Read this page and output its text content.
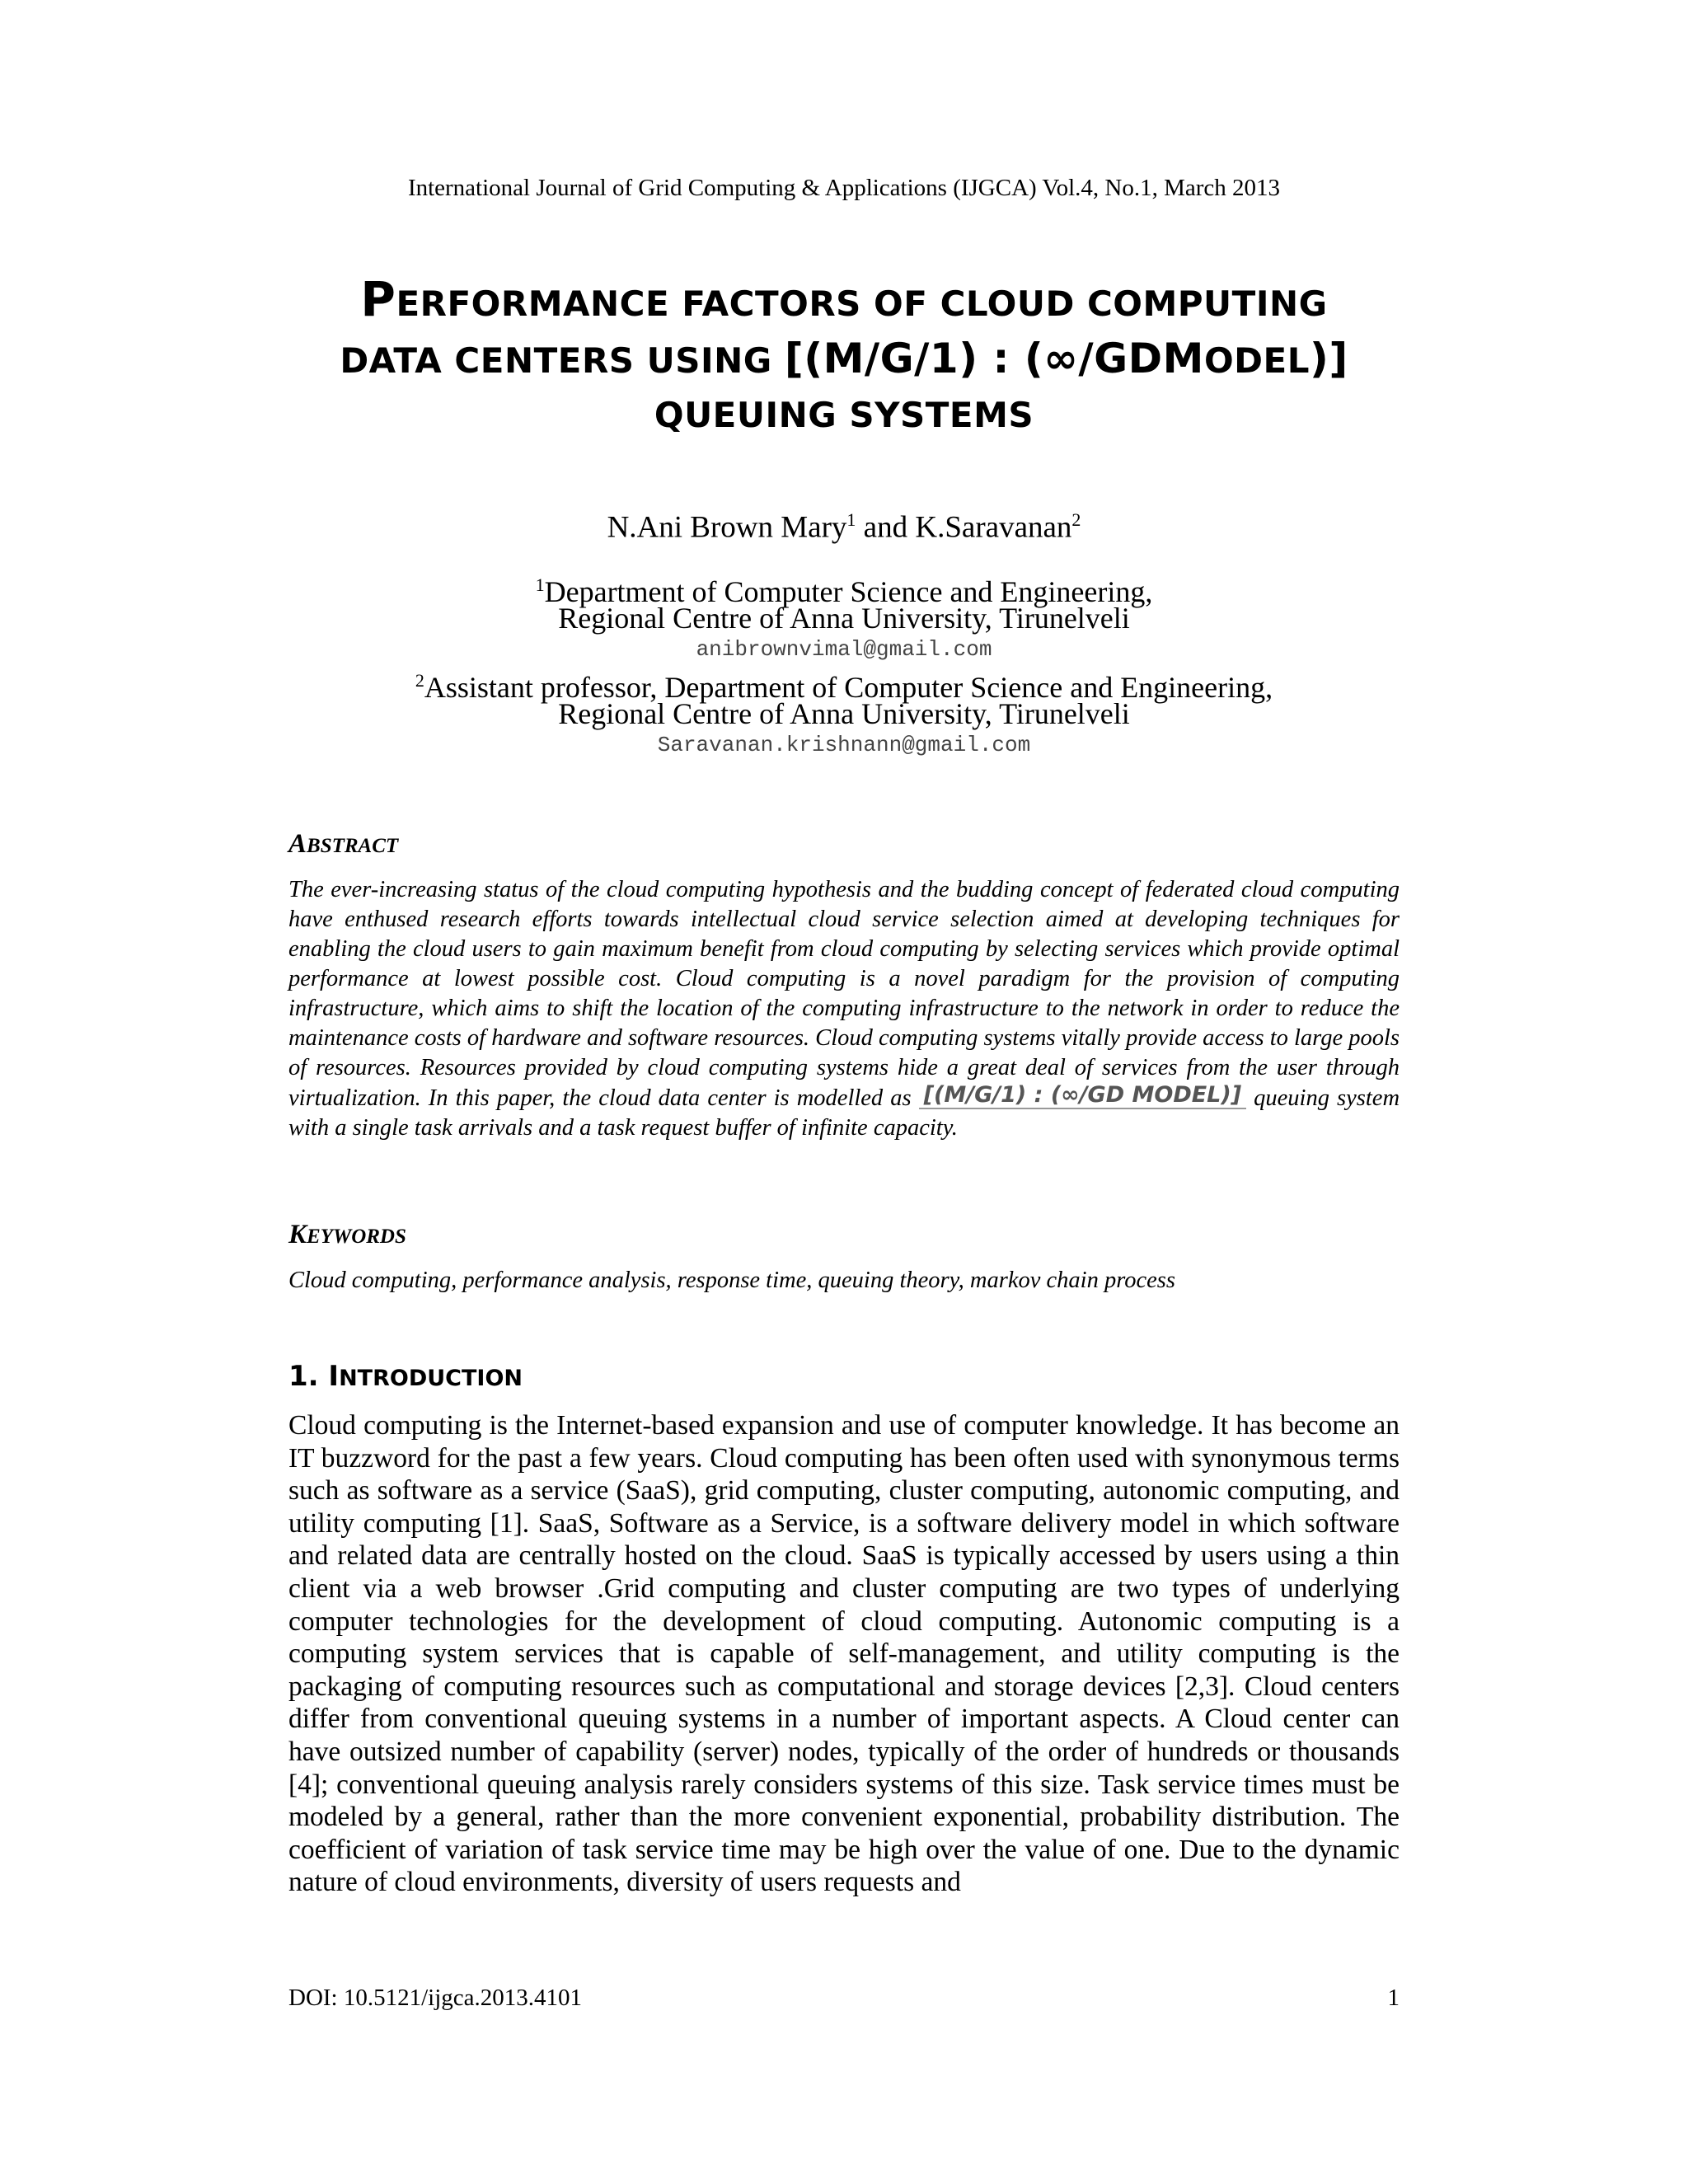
International Journal of Grid Computing & Applications (IJGCA) Vol.4, No.1, March 2013
PERFORMANCE FACTORS OF CLOUD COMPUTING
DATA CENTERS USING [(M/G/1) : (∞/GDMODEL)]
QUEUING SYSTEMS
N.Ani Brown Mary$^1$ and K.Saravanan$^2$
$^1$Department of Computer Science and Engineering,
Regional Centre of Anna University, Tirunelveli
anibrownvimal@gmail.com
$^2$Assistant professor, Department of Computer Science and Engineering,
Regional Centre of Anna University, Tirunelveli
Saravanan.krishnann@gmail.com
ABSTRACT
The ever-increasing status of the cloud computing hypothesis and the budding concept of federated cloud computing have enthused research efforts towards intellectual cloud service selection aimed at developing techniques for enabling the cloud users to gain maximum benefit from cloud computing by selecting services which provide optimal performance at lowest possible cost. Cloud computing is a novel paradigm for the provision of computing infrastructure, which aims to shift the location of the computing infrastructure to the network in order to reduce the maintenance costs of hardware and software resources. Cloud computing systems vitally provide access to large pools of resources. Resources provided by cloud computing systems hide a great deal of services from the user through virtualization. In this paper, the cloud data center is modelled as [(M/G/1) : (∞/GD MODEL)] queuing system with a single task arrivals and a task request buffer of infinite capacity.
KEYWORDS
Cloud computing, performance analysis, response time, queuing theory, markov chain process
1. INTRODUCTION
Cloud computing is the Internet-based expansion and use of computer knowledge. It has become an IT buzzword for the past a few years. Cloud computing has been often used with synonymous terms such as software as a service (SaaS), grid computing, cluster computing, autonomic computing, and utility computing [1]. SaaS, Software as a Service, is a software delivery model in which software and related data are centrally hosted on the cloud. SaaS is typically accessed by users using a thin client via a web browser .Grid computing and cluster computing are two types of underlying computer technologies for the development of cloud computing. Autonomic computing is a computing system services that is capable of self-management, and utility computing is the packaging of computing resources such as computational and storage devices [2,3]. Cloud centers differ from conventional queuing systems in a number of important aspects. A Cloud center can have outsized number of capability (server) nodes, typically of the order of hundreds or thousands [4]; conventional queuing analysis rarely considers systems of this size. Task service times must be modeled by a general, rather than the more convenient exponential, probability distribution. The coefficient of variation of task service time may be high over the value of one. Due to the dynamic nature of cloud environments, diversity of users requests and
DOI: 10.5121/ijgca.2013.4101	1
